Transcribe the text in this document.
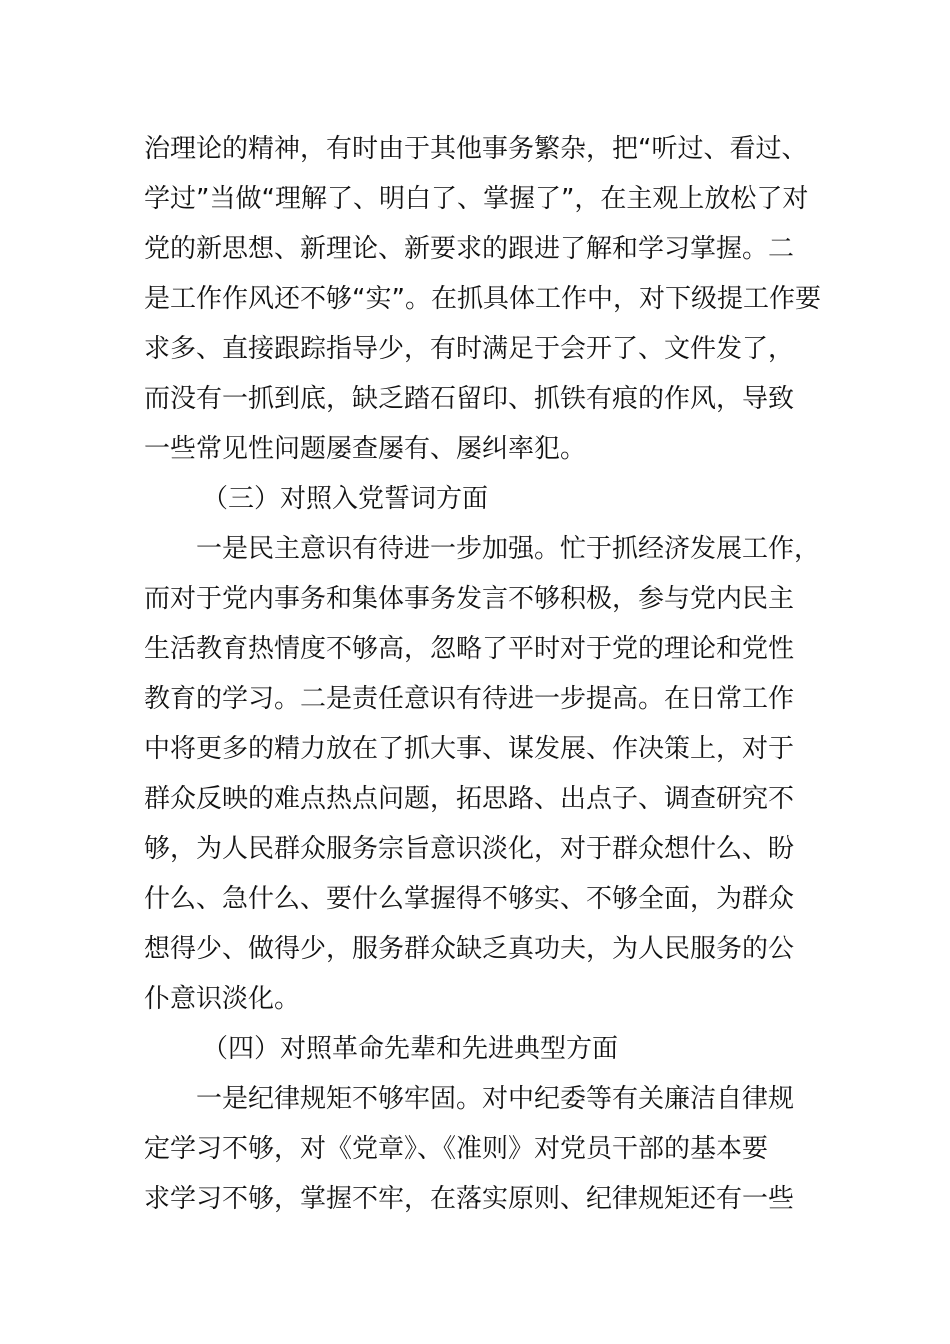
治理论的精神，有时由于其他事务繁杂，把“听过、看过、
学过”当做“理解了、明白了、掌握了”，在主观上放松了对
党的新思想、新理论、新要求的跟进了解和学习掌握。二
是工作作风还不够“实”。在抓具体工作中，对下级提工作要
求多、直接跟踪指导少，有时满足于会开了、文件发了，
而没有一抓到底，缺乏踏石留印、抓铁有痕的作风，导致
一些常见性问题屡查屡有、屡纠率犯。
（三）对照入党誓词方面
一是民主意识有待进一步加强。忙于抓经济发展工作，
而对于党内事务和集体事务发言不够积极，参与党内民主
生活教育热情度不够高，忽略了平时对于党的理论和党性
教育的学习。二是责任意识有待进一步提高。在日常工作
中将更多的精力放在了抓大事、谋发展、作决策上，对于
群众反映的难点热点问题，拓思路、出点子、调查研究不
够，为人民群众服务宗旨意识淡化，对于群众想什么、盼
什么、急什么、要什么掌握得不够实、不够全面，为群众
想得少、做得少，服务群众缺乏真功夫，为人民服务的公
仆意识淡化。
（四）对照革命先辈和先进典型方面
一是纪律规矩不够牢固。对中纪委等有关廉洁自律规
定学习不够，对《党章》、《准则》对党员干部的基本要
求学习不够，掌握不牢，在落实原则、纪律规矩还有一些
